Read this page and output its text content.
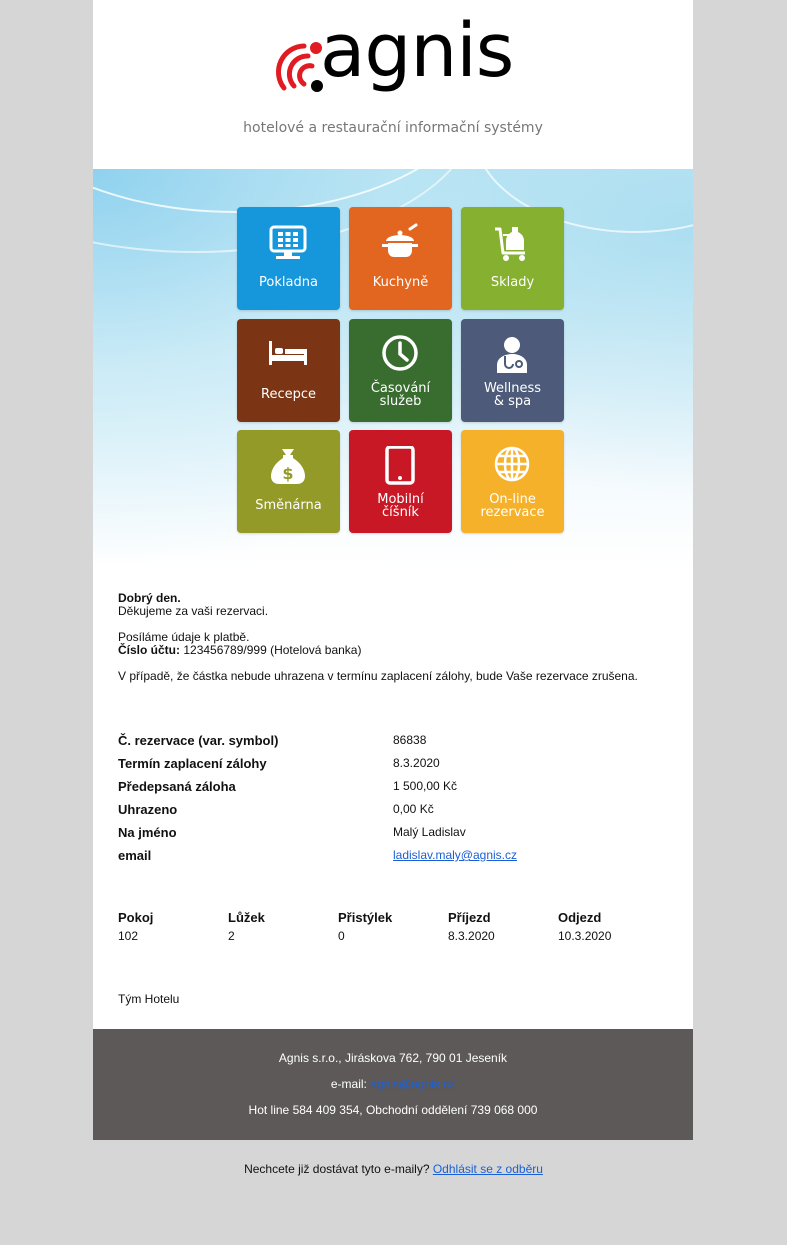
agnis
hotelové a restaurační informační systémy
Pokladna	Kuchyně	Sklady
Recepce	Časování
služeb
Wellness
& spa
$
Směnárna	Mobilní
číšník
On-line
rezervace
Dobrý den.
Děkujeme za vaši rezervaci.
Posíláme údaje k platbě.
Číslo účtu: 123456789/999 (Hotelová banka)
V případě, že částka nebude uhrazena v termínu zaplacení zálohy, bude Vaše rezervace zrušena.
Č. rezervace (var. symbol)	86838
Termín zaplacení zálohy	8.3.2020
Předepsaná záloha	1 500,00 Kč
Uhrazeno	0,00 Kč
Na jméno	Malý Ladislav
email	ladislav.maly@agnis.cz
Pokoj	Lůžek	Přistýlek	Příjezd	Odjezd
102	2	0	8.3.2020	10.3.2020
Tým Hotelu
Agnis s.r.o., Jiráskova 762, 790 01 Jeseník
e-mail: agnis@agnis.cz
Hot line 584 409 354, Obchodní oddělení 739 068 000
Nechcete již dostávat tyto e-maily? Odhlásit se z odběru
